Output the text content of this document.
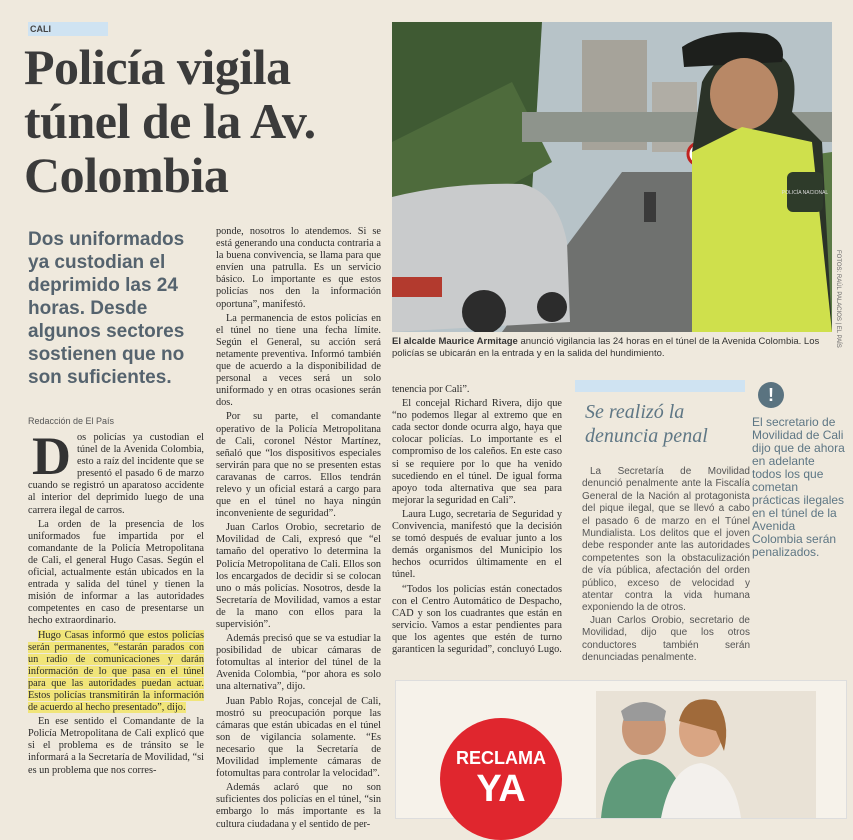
CALI
Policía vigila túnel de la Av. Colombia
Dos uniformados ya custodian el deprimido las 24 horas. Desde algunos sectores sostienen que no son suficientes.
POLICÍA NACIONAL
FOTOS: RAÚL PALACIOS | EL PAÍS
El alcalde Maurice Armitage anunció vigilancia las 24 horas en el túnel de la Avenida Colombia. Los policías se ubicarán en la entrada y en la salida del hundimiento.

ponde, nosotros lo atendemos. Si se está generando una conducta contraria a la buena convivencia, se llama para que envíen una patrulla. Es un servicio básico. Lo importante es que estos policías nos den la información oportuna”, manifestó.

La permanencia de estos policías en el túnel no tiene una fecha límite. Según el General, su acción será netamente preventiva. Informó también que de acuerdo a la disponibilidad de personal a veces será un solo uniformado y en otras ocasiones serán dos.

Por su parte, el comandante operativo de la Policía Metropolitana de Cali, coronel Néstor Martínez, señaló que “los dispositivos especiales servirán para que no se presenten estas caravanas de carros. Ellos tendrán relevo y un oficial estará a cargo para que en el túnel no haya ningún inconveniente de seguridad”.

Juan Carlos Orobio, secretario de Movilidad de Cali, expresó que “el tamaño del operativo lo determina la Policía Metropolitana de Cali. Ellos son los encargados de decidir si se colocan uno o más policías. Nosotros, desde la Secretaría de Movilidad, vamos a estar de la mano con ellos para la supervisión”.

Además precisó que se va estudiar la posibilidad de ubicar cámaras de fotomultas al interior del túnel de la Avenida Colombia, “por ahora es solo una alternativa”, dijo.

Juan Pablo Rojas, concejal de Cali, mostró su preocupación porque las cámaras que están ubicadas en el túnel son de vigilancia solamente. “Es necesario que la Secretaría de Movilidad implemente cámaras de fotomultas para controlar la velocidad”.

Además aclaró que no son suficientes dos policías en el túnel, “sin embargo lo más importante es la cultura ciudadana y el sentido de per-

Redacción de El País

Dos policías ya custodian el túnel de la Avenida Colombia, esto a raíz del incidente que se presentó el pasado 6 de marzo cuando se registró un aparatoso accidente al interior del deprimido luego de una carrera ilegal de carros.

La orden de la presencia de los uniformados fue impartida por el comandante de la Policía Metropolitana de Cali, el general Hugo Casas. Según el oficial, actualmente están ubicados en la entrada y salida del túnel y tienen la misión de informar a las autoridades competentes en caso de presentarse un hecho extraordinario.

Hugo Casas informó que estos policías serán permanentes, “estarán parados con un radio de comunicaciones y darán información de lo que pasa en el túnel para que las autoridades puedan actuar. Estos policías transmitirán la información de acuerdo al hecho presentado”, dijo.

En ese sentido el Comandante de la Policía Metropolitana de Cali explicó que si el problema es de tránsito se le informará a la Secretaría de Movilidad, “si es un problema que nos corres-

tenencia por Cali”.

El concejal Richard Rivera, dijo que “no podemos llegar al extremo que en cada sector donde ocurra algo, haya que colocar policías. Lo importante es el compromiso de los caleños. En este caso si se requiere por lo que ha venido sucediendo en el túnel. De igual forma apoyo toda alternativa que sea para mejorar la seguridad en Cali”.

Laura Lugo, secretaria de Seguridad y Convivencia, manifestó que la decisión se tomó después de evaluar junto a los demás organismos del Municipio los hechos ocurridos últimamente en el túnel.

“Todos los policías están conectados con el Centro Automático de Despacho, CAD y son los cuadrantes que están en servicio. Vamos a estar pendientes para que los agentes que estén de turno garanticen la seguridad”, concluyó Lugo.

Se realizó la denuncia penal

La Secretaría de Movilidad denunció penalmente ante la Fiscalía General de la Nación al protagonista del pique ilegal, que se llevó a cabo el pasado 6 de marzo en el Túnel Mundialista. Los delitos que el joven debe responder ante las autoridades competentes son la obstaculización de vía pública, afectación del orden público, exceso de velocidad y atentar contra la vida humana exponiendo la de otros.

Juan Carlos Orobio, secretario de Movilidad, dijo que los otros conductores también serán denunciadas penalmente.

!
El secretario de Movilidad de Cali dijo que de ahora en adelante todos los que cometan prácticas ilegales en el túnel de la Avenida Colombia serán penalizados.
RECLAMA
YA
